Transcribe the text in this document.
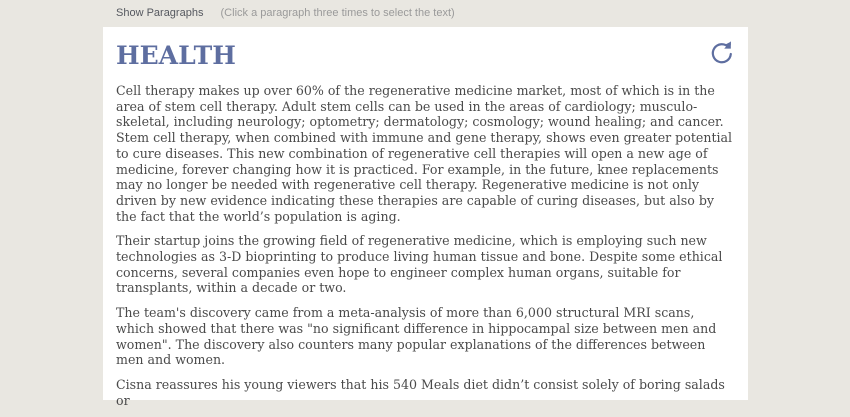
Show Paragraphs (Click a paragraph three times to select the text)
HEALTH

Cell therapy makes up over 60% of the regenerative medicine market, most of which is in the area of stem cell therapy. Adult stem cells can be used in the areas of cardiology; musculo-skeletal, including neurology; optometry; dermatology; cosmology; wound healing; and cancer. Stem cell therapy, when combined with immune and gene therapy, shows even greater potential to cure diseases. This new combination of regenerative cell therapies will open a new age of medicine, forever changing how it is practiced. For example, in the future, knee replacements may no longer be needed with regenerative cell therapy. Regenerative medicine is not only driven by new evidence indicating these therapies are capable of curing diseases, but also by the fact that the world’s population is aging.

Their startup joins the growing field of regenerative medicine, which is employing such new technologies as 3-D bioprinting to produce living human tissue and bone. Despite some ethical concerns, several companies even hope to engineer complex human organs, suitable for transplants, within a decade or two.

The team's discovery came from a meta-analysis of more than 6,000 structural MRI scans, which showed that there was "no significant difference in hippocampal size between men and women". The discovery also counters many popular explanations of the differences between men and women.

Cisna reassures his young viewers that his 540 Meals diet didn’t consist solely of boring salads or
